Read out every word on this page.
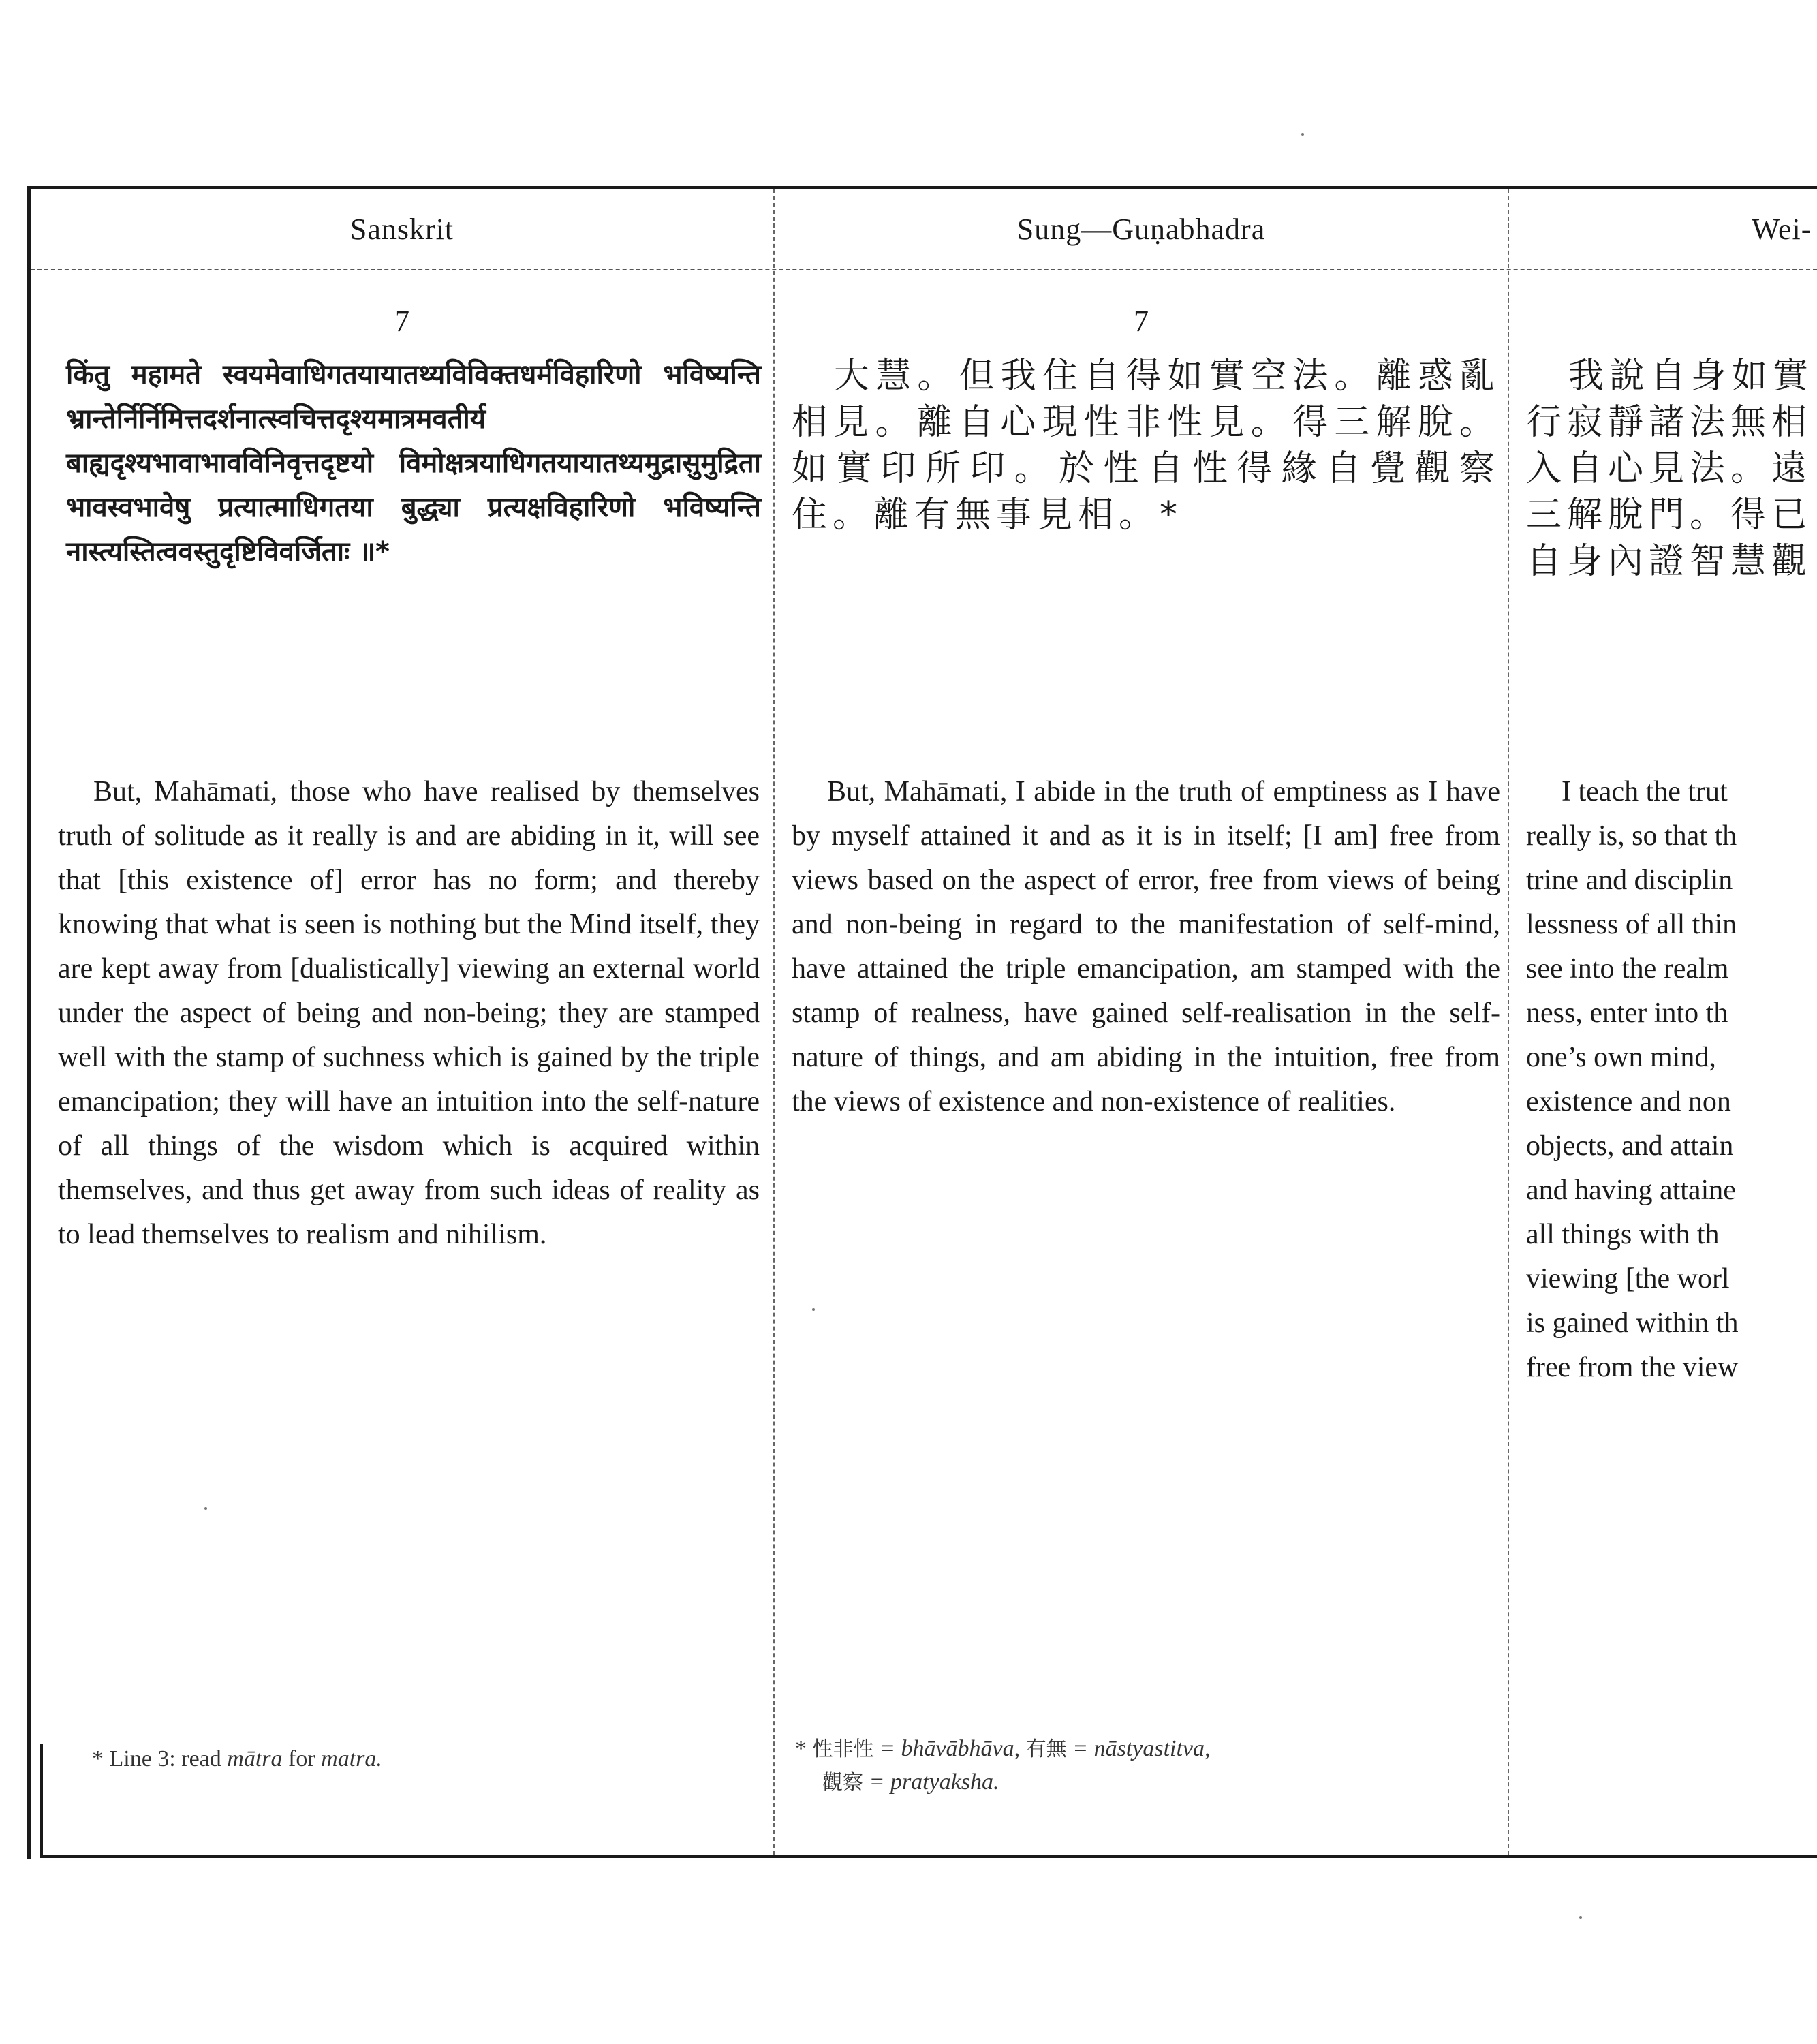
Sanskrit
7
किंतु महामते स्वयमेवाधिगतयायातथ्यविविक्तधर्मविहारिणो भविष्यन्ति भ्रान्तेर्निर्निमित्तदर्शनात्स्वचित्तदृश्यमात्रमवतीर्य बाह्यदृश्यभावाभावविनिवृत्तदृष्टयो विमोक्षत्रयाधिगतयायातथ्यमुद्रासुमुद्रिता भावस्वभावेषु प्रत्यात्माधिगतया बुद्ध्या प्रत्यक्षविहारिणो भविष्यन्ति नास्त्यस्तित्ववस्तुदृष्टिविवर्जिताः ॥*
But, Mahāmati, those who have realised by themselves truth of solitude as it really is and are abiding in it, will see that [this existence of] error has no form; and thereby knowing that what is seen is nothing but the Mind itself, they are kept away from [dualistically] viewing an external world under the aspect of being and non-being; they are stamped well with the stamp of suchness which is gained by the triple emancipation; they will have an intuition into the self-nature of all things of the wisdom which is acquired within themselves, and thus get away from such ideas of reality as to lead themselves to realism and nihilism.
* Line 3: read mātra for matra.
Sung—Guṇabhadra
7
大慧。但我住自得如實空法。離惑亂相見。離自心現性非性見。得三解脫。如實印所印。於性自性得緣自覺觀察住。離有無事見相。*
But, Mahāmati, I abide in the truth of emptiness as I have by myself attained it and as it is in itself; [I am] free from views based on the aspect of error, free from views of being and non-being in regard to the manifestation of self-mind, have attained the triple emancipation, am stamped with the stamp of realness, have gained self-realisation in the self-nature of things, and am abiding in the intuition, free from the views of existence and non-existence of realities.
* 性非性 = bhāvābhāva, 有無 = nāstyastitva,
觀察 = pratyaksha.
Wei-
我說自身如實
行寂靜諸法無相
入自心見法。遠
三解脫門。得已
自身內證智慧觀
I teach the trut
really is, so that th
trine and disciplin
lessness of all thin
see into the realm
ness, enter into th
one’s own mind,
existence and non
objects, and attain
and having attaine
all things with th
viewing [the worl
is gained within th
free from the view
